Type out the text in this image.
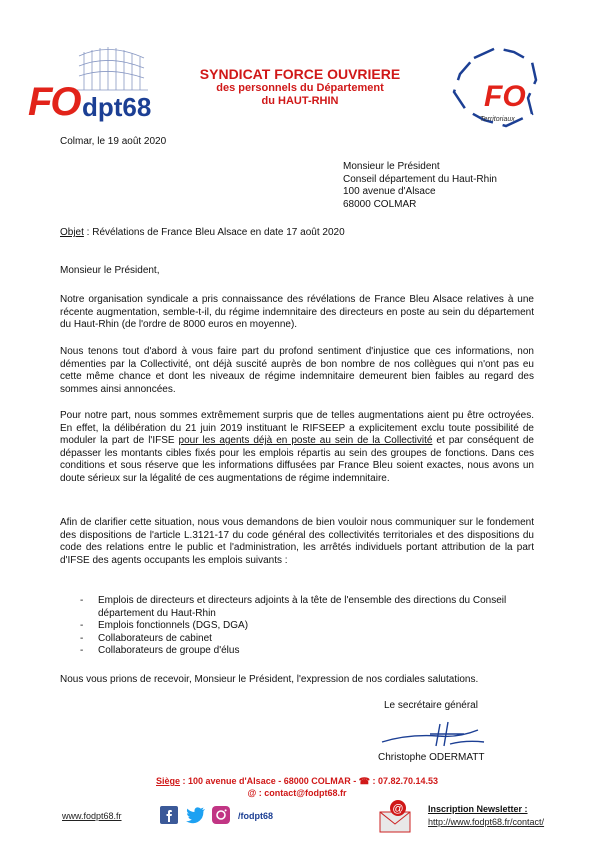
FO dpt68
SYNDICAT FORCE OUVRIERE
des personnels du Département
du HAUT-RHIN	FO
Territoriaux
Colmar, le 19 août 2020
Monsieur le Président
Conseil département du Haut-Rhin
100 avenue d'Alsace
68000 COLMAR
Objet : Révélations de France Bleu Alsace en date 17 août 2020
Monsieur le Président,
Notre organisation syndicale a pris connaissance des révélations de France Bleu Alsace relatives à une récente augmentation, semble-t-il, du régime indemnitaire des directeurs en poste au sein du département du Haut-Rhin (de l'ordre de 8000 euros en moyenne).
Nous tenons tout d'abord à vous faire part du profond sentiment d'injustice que ces informations, non démenties par la Collectivité, ont déjà suscité auprès de bon nombre de nos collègues qui n'ont pas eu cette même chance et dont les niveaux de régime indemnitaire demeurent bien faibles au regard des sommes ainsi annoncées.
Pour notre part, nous sommes extrêmement surpris que de telles augmentations aient pu être octroyées. En effet, la délibération du 21 juin 2019 instituant le RIFSEEP a explicitement exclu toute possibilité de moduler la part de l'IFSE pour les agents déjà en poste au sein de la Collectivité et par conséquent de dépasser les montants cibles fixés pour les emplois répartis au sein des groupes de fonctions. Dans ces conditions et sous réserve que les informations diffusées par France Bleu soient exactes, nous avons un doute sérieux sur la légalité de ces augmentations de régime indemnitaire.
Afin de clarifier cette situation, nous vous demandons de bien vouloir nous communiquer sur le fondement des dispositions de l'article L.3121-17 du code général des collectivités territoriales et des dispositions du code des relations entre le public et l'administration, les arrêtés individuels portant attribution de la part d'IFSE des agents occupants les emplois suivants :
-	Emplois de directeurs et directeurs adjoints à la tête de l'ensemble des directions du Conseil département du Haut-Rhin
-	Emplois fonctionnels (DGS, DGA)
-	Collaborateurs de cabinet
-	Collaborateurs de groupe d'élus
Nous vous prions de recevoir, Monsieur le Président, l'expression de nos cordiales salutations.
Le secrétaire général
Christophe ODERMATT
Siège : 100 avenue d'Alsace - 68000 COLMAR - ☎ : 07.82.70.14.53
@ : contact@fodpt68.fr
www.fodpt68.fr	/fodpt68
@	Inscription Newsletter :
http://www.fodpt68.fr/contact/
